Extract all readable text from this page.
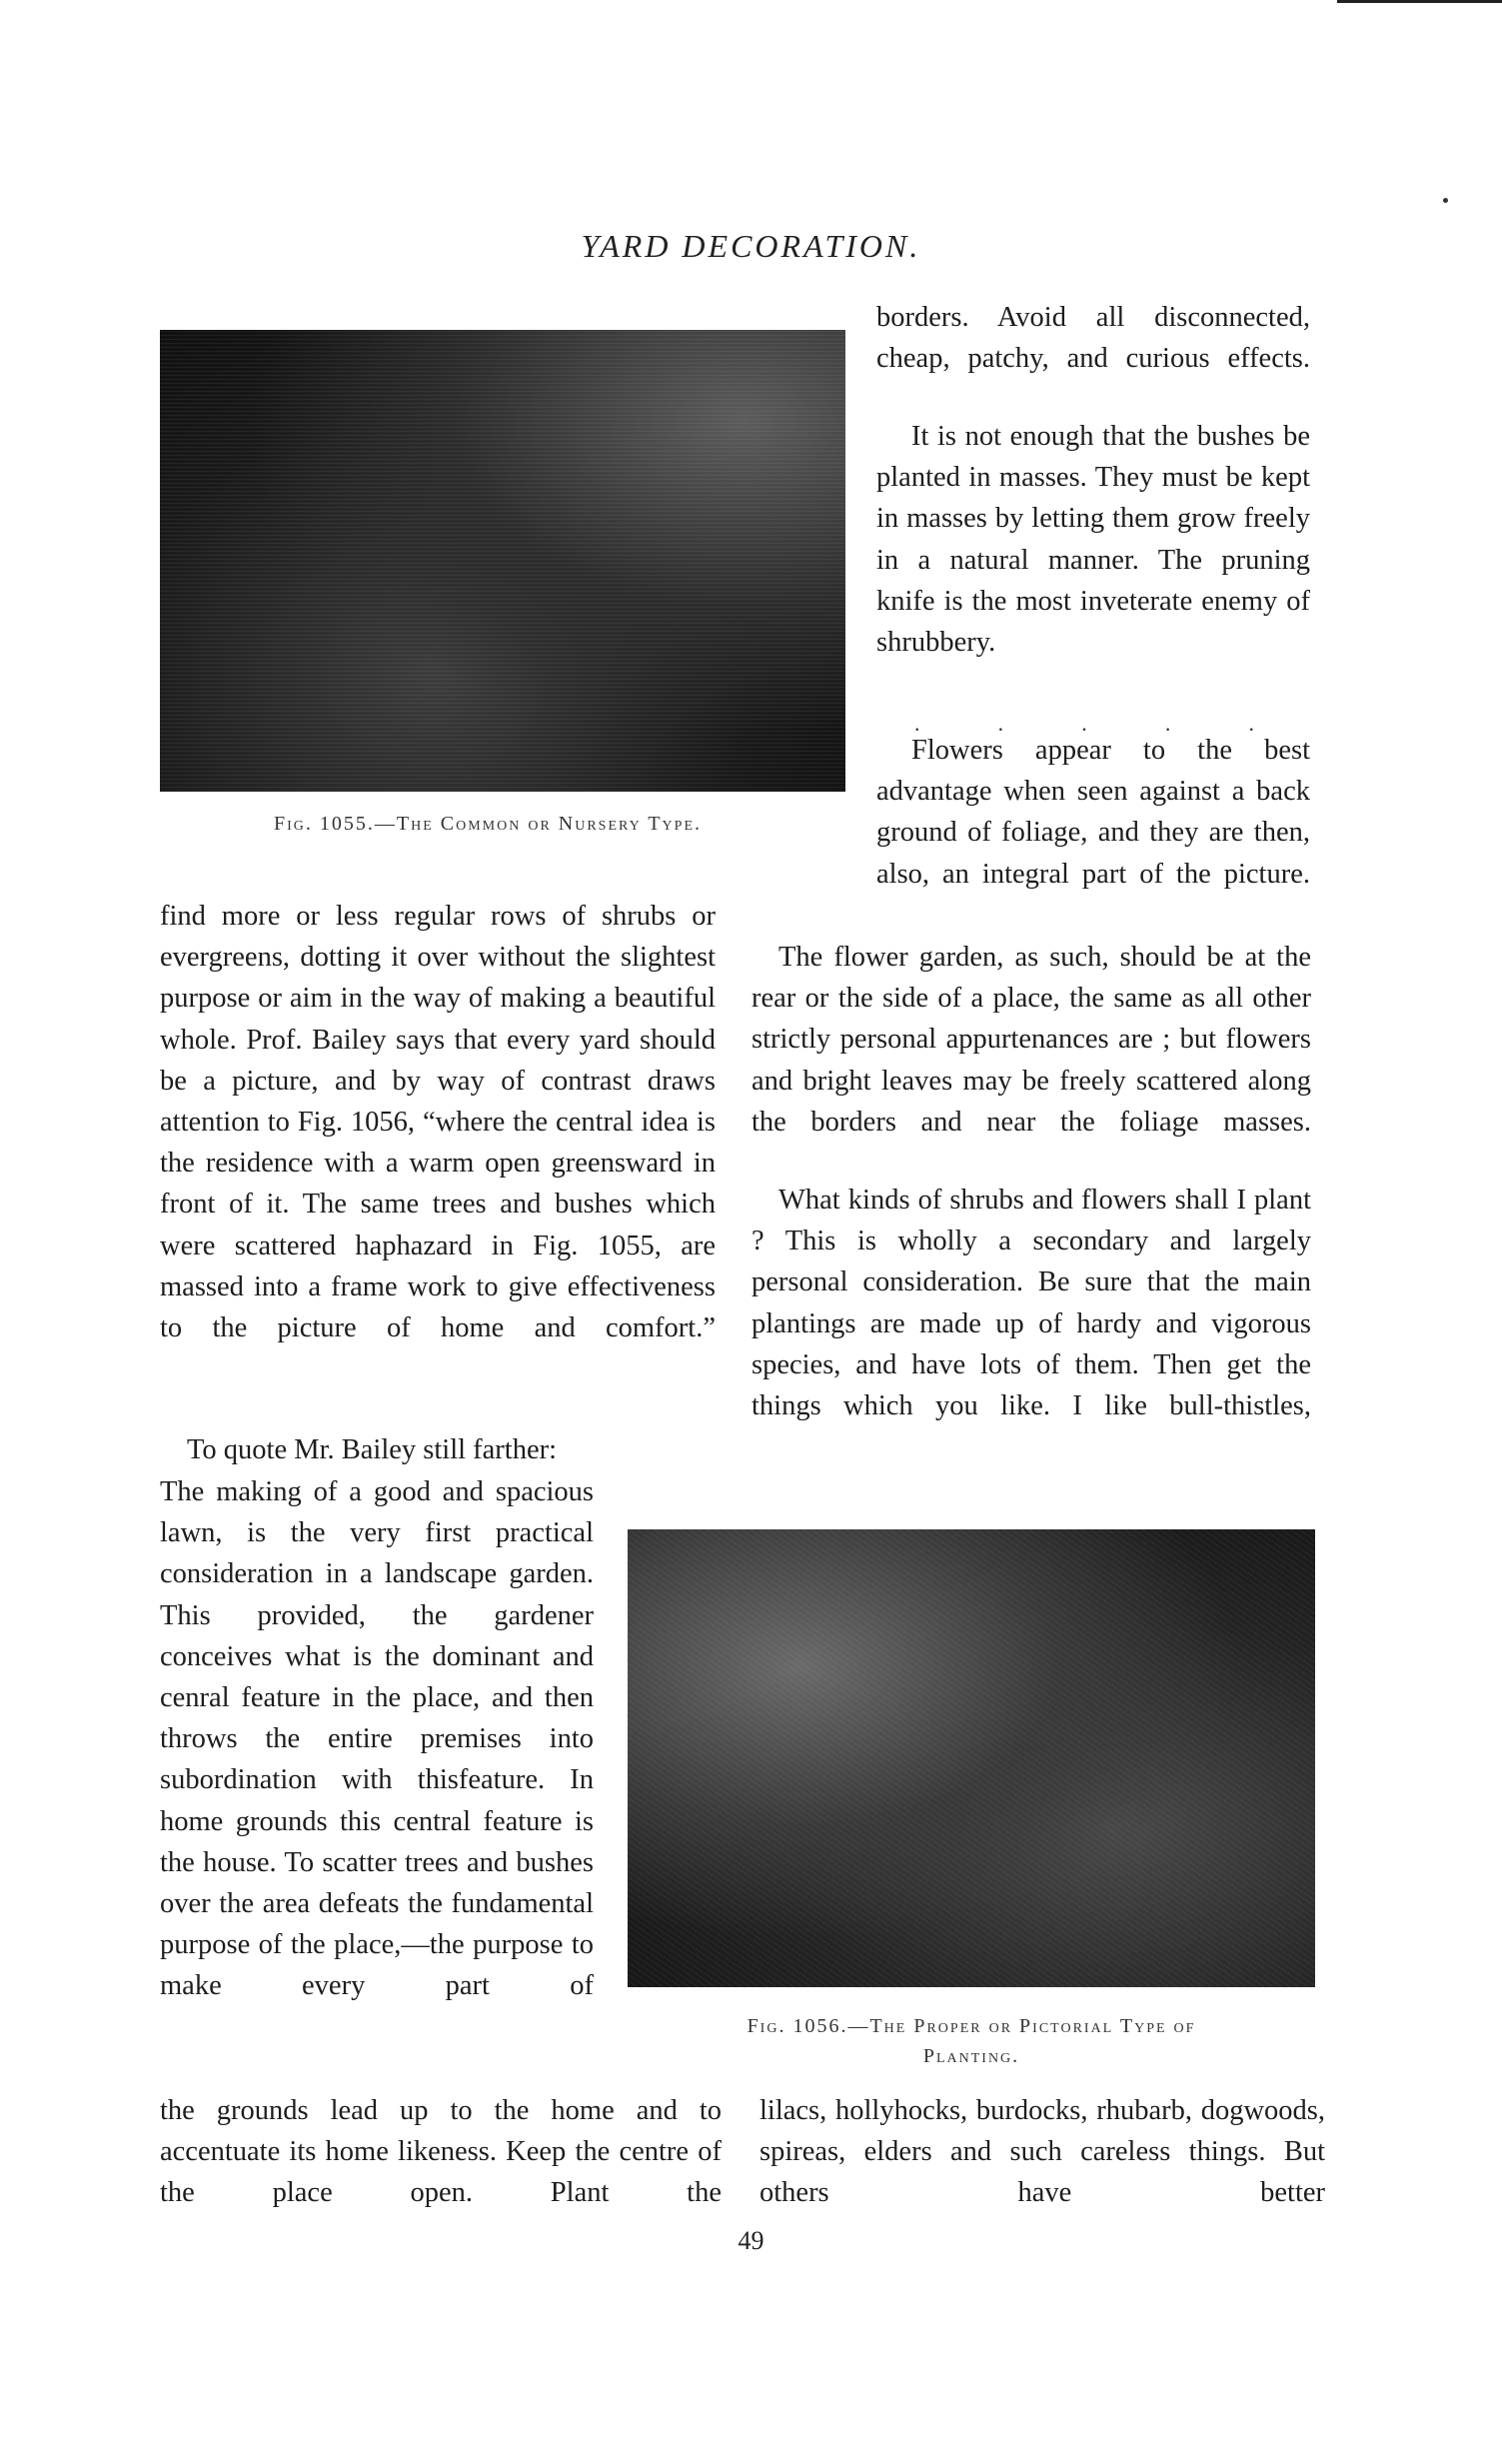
YARD DECORATION.
Fig. 1055.—The Common or Nursery Type.

borders. Avoid all disconnected, cheap, patchy, and curious effects.

It is not enough that the bushes be planted in masses. They must be kept in masses by letting them grow freely in a natural manner. The pruning knife is the most inveterate enemy of shrubbery.

.	.	.	.	.

Flowers appear to the best advantage when seen against a back ground of foliage, and they are then, also, an integral part of the picture.

find more or less regular rows of shrubs or evergreens, dotting it over without the slightest purpose or aim in the way of making a beautiful whole. Prof. Bailey says that every yard should be a picture, and by way of contrast draws attention to Fig. 1056, “where the central idea is the residence with a warm open greensward in front of it. The same trees and bushes which were scattered haphazard in Fig. 1055, are massed into a frame work to give effectiveness to the picture of home and comfort.”

To quote Mr. Bailey still farther:

The flower garden, as such, should be at the rear or the side of a place, the same as all other strictly personal appurtenances are ; but flowers and bright leaves may be freely scattered along the borders and near the foliage masses.

What kinds of shrubs and flowers shall I plant ? This is wholly a secondary and largely personal consideration. Be sure that the main plantings are made up of hardy and vigorous species, and have lots of them. Then get the things which you like. I like bull-thistles,

The making of a good and spacious lawn, is the very first practical consideration in a landscape garden. This provided, the gardener conceives what is the dominant and cenral feature in the place, and then throws the entire premises into subordination with thisfeature. In home grounds this central feature is the house. To scatter trees and bushes over the area defeats the fundamental purpose of the place,—the purpose to make every part of

Fig. 1056.—The Proper or Pictorial Type of
Planting.

the grounds lead up to the home and to accentuate its home likeness. Keep the centre of the place open. Plant the

lilacs, hollyhocks, burdocks, rhubarb, dogwoods, spireas, elders and such careless things. But others have better

49
